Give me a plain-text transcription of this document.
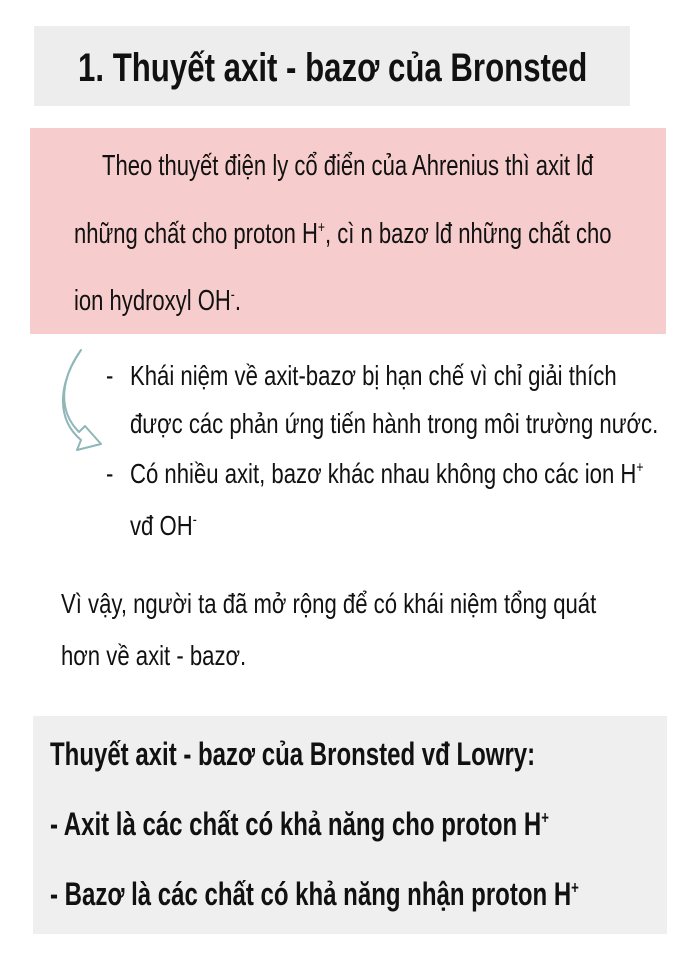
1. Thuyết axit - bazơ của Bronsted
Theo thuyết điện ly cổ điển của Ahrenius thì axit lđ
những chất cho proton H+, cì n bazơ lđ những chất cho
ion hydroxyl OH-.
- Khái niệm về axit-bazơ bị hạn chế vì chỉ giải thích
được các phản ứng tiến hành trong môi trường nước.
- Có nhiều axit, bazơ khác nhau không cho các ion H+
vđ OH-
Vì vậy, người ta đã mở rộng để có khái niệm tổng quát
hơn về axit - bazơ.
Thuyết axit - bazơ của Bronsted vđ Lowry:
- Axit là các chất có khả năng cho proton H+
- Bazơ là các chất có khả năng nhận proton H+
